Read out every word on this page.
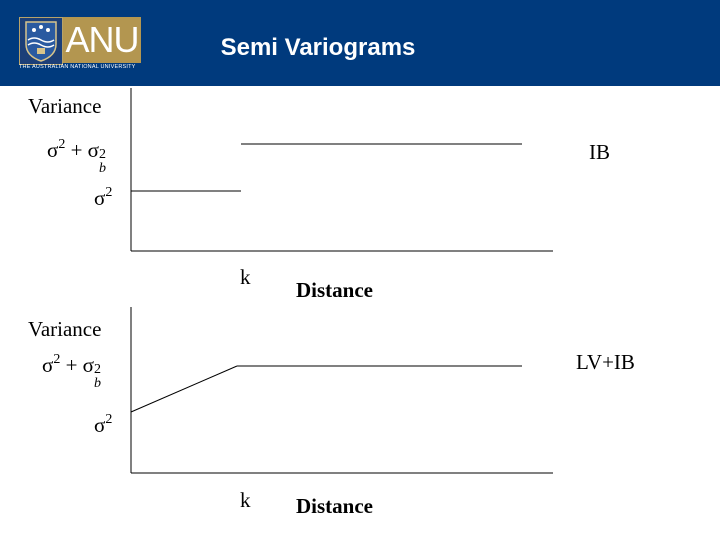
ANU
THE AUSTRALIAN NATIONAL UNIVERSITY
Semi Variograms
Variance
$\sigma^2 + \sigma$ 2
b
$\sigma^2$
IB
k
Distance
Variance
$\sigma^2 + \sigma$ 2
b
$\sigma^2$
LV+IB
k Distance
